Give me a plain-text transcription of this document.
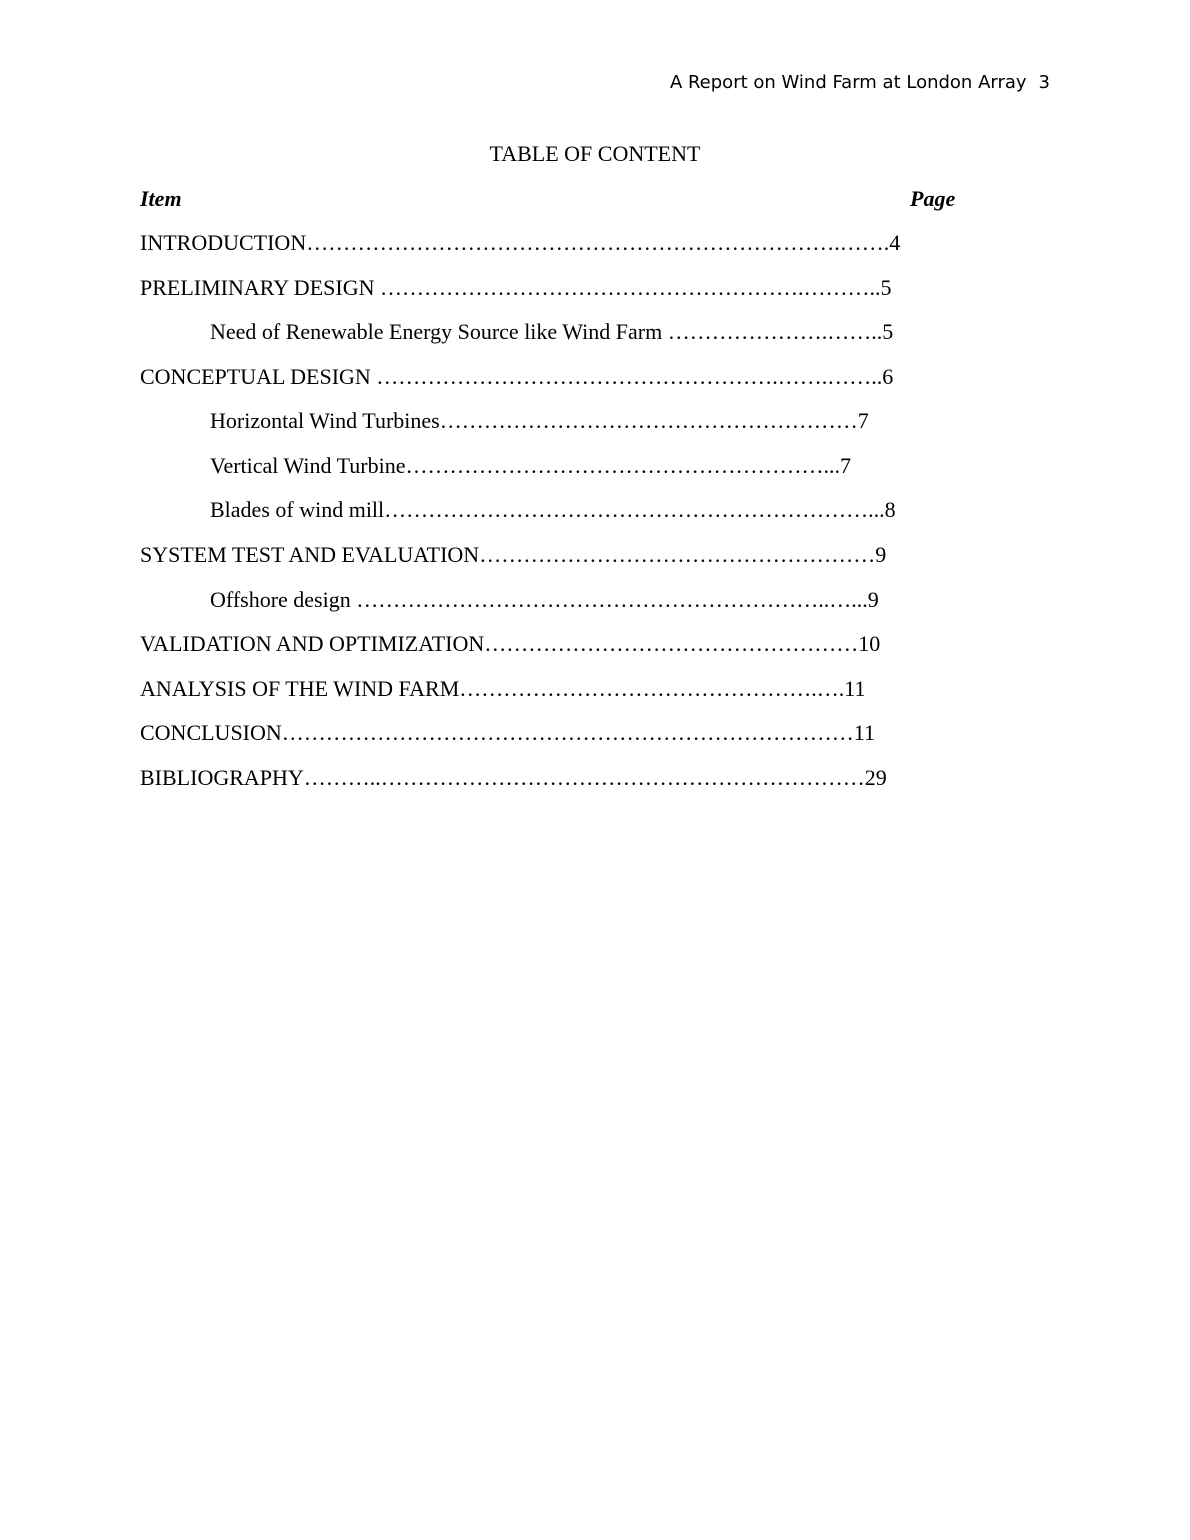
A Report on Wind Farm at London Array 3
TABLE OF CONTENT
Item	Page
INTRODUCTION……………………………………………………………….…….4
PRELIMINARY DESIGN ………………………………………………….………..5
Need of Renewable Energy Source like Wind Farm ………………….……..5
CONCEPTUAL DESIGN ……………………………………………….…….……..6
Horizontal Wind Turbines…………………………………………………7
Vertical Wind Turbine…………………………………………………...7
Blades of wind mill…………………………………………………………...8
SYSTEM TEST AND EVALUATION………………………………………………9
Offshore design ………………………………………………………..…...9
VALIDATION AND OPTIMIZATION……………………………………………10
ANALYSIS OF THE WIND FARM………………………………………….….11
CONCLUSION……………………………………………………………………11
BIBLIOGRAPHY………..…………………………………………………………29
